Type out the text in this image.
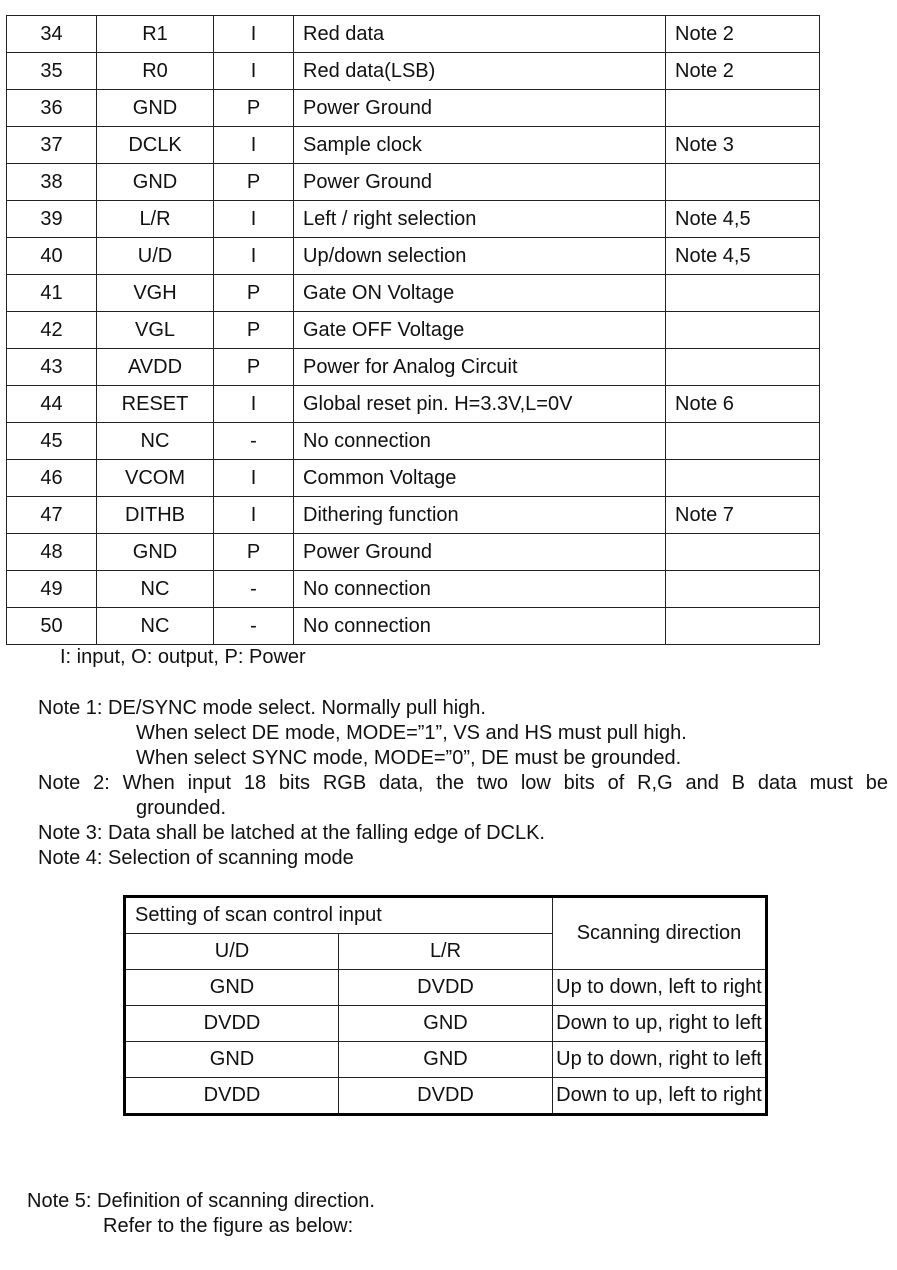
34	R1	I	Red data	Note 2
35	R0	I	Red data(LSB)	Note 2
36	GND	P	Power Ground	
37	DCLK	I	Sample clock	Note 3
38	GND	P	Power Ground	
39	L/R	I	Left / right selection	Note 4,5
40	U/D	I	Up/down selection	Note 4,5
41	VGH	P	Gate ON Voltage	
42	VGL	P	Gate OFF Voltage	
43	AVDD	P	Power for Analog Circuit	
44	RESET	I	Global reset pin. H=3.3V,L=0V	Note 6
45	NC	-	No connection	
46	VCOM	I	Common Voltage	
47	DITHB	I	Dithering function	Note 7
48	GND	P	Power Ground	
49	NC	-	No connection	
50	NC	-	No connection	
I: input, O: output, P: Power
Note 1: DE/SYNC mode select. Normally pull high.
When select DE mode, MODE=”1”, VS and HS must pull high.
When select SYNC mode, MODE=”0”, DE must be grounded.
Note 2: When input 18 bits RGB data, the two low bits of R,G and B data must be
grounded.
Note 3: Data shall be latched at the falling edge of DCLK.
Note 4: Selection of scanning mode
Setting of scan control input		Scanning direction
U/D	L/R	
GND	DVDD	Up to down, left to right
DVDD	GND	Down to up, right to left
GND	GND	Up to down, right to left
DVDD	DVDD	Down to up, left to right
Note 5: Definition of scanning direction.
Refer to the figure as below:
